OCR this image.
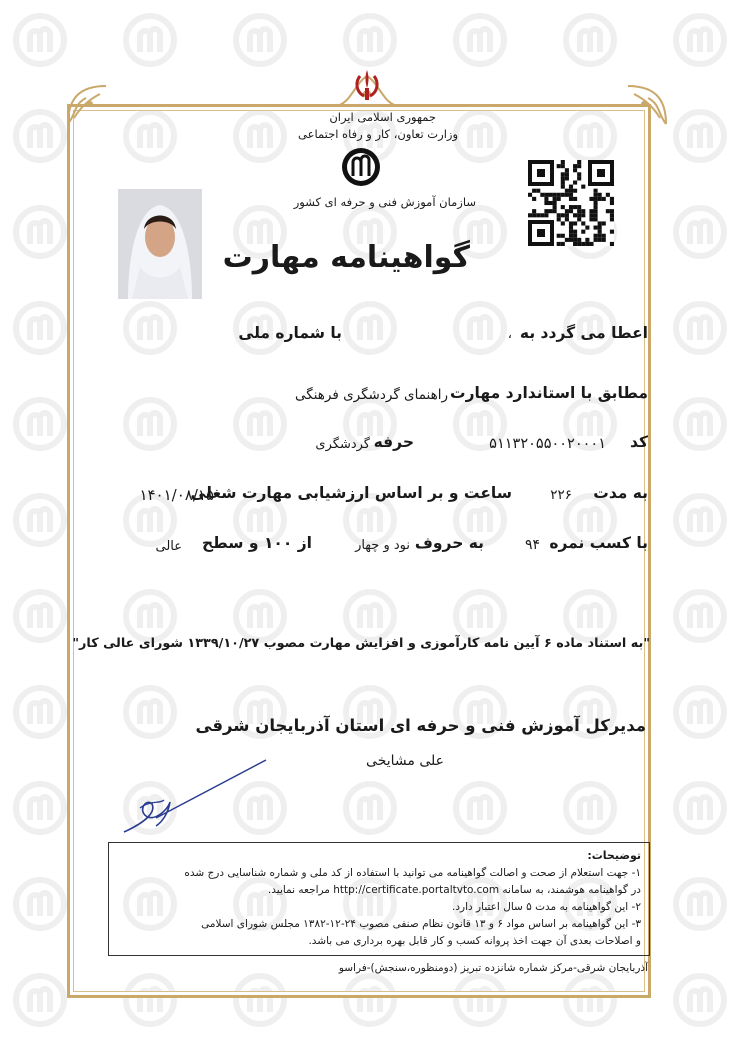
جمهوری اسلامی ایران
وزارت تعاون، کار و رفاه اجتماعی
سازمان آموزش فنی و حرفه ای کشور
گواهینامه مهارت
اعطا می گردد به
،
با شماره ملی
مطابق با استاندارد مهارت
راهنمای گردشگری فرهنگی
کد
۵۱۱۳۲۰۵۵۰۰۲۰۰۰۱
حرفه
گردشگری
به مدت
۲۲۶
ساعت و بر اساس ارزشیابی مهارت شغلی
۱۴۰۱/۰۸/۱۵
با کسب نمره
۹۴
به حروف
نود و چهار
از ۱۰۰ و سطح
عالی
"به استناد ماده ۶ آیین نامه کارآموزی و افزایش مهارت مصوب ۱۳۳۹/۱۰/۲۷ شورای عالی کار"
مدیرکل آموزش فنی و حرفه ای استان آذربایجان شرقی
علی مشایخی
توضیحات:
۱- جهت استعلام از صحت و اصالت گواهینامه می توانید با استفاده از کد ملی و شماره شناسایی درج شده
در گواهینامه هوشمند، به سامانه http://certificate.portaltvto.com مراجعه نمایید.
۲- این گواهینامه به مدت ۵ سال اعتبار دارد.
۳- این گواهینامه بر اساس مواد ۶ و ۱۳ قانون نظام صنفی مصوب ۲۴-۱۲-۱۳۸۲ مجلس شورای اسلامی
و اصلاحات بعدی آن جهت اخذ پروانه کسب و کار قابل بهره برداری می باشد.
آذربایجان شرقی-مرکز شماره شانزده تبریز (دومنظوره،سنجش)-فراسو
